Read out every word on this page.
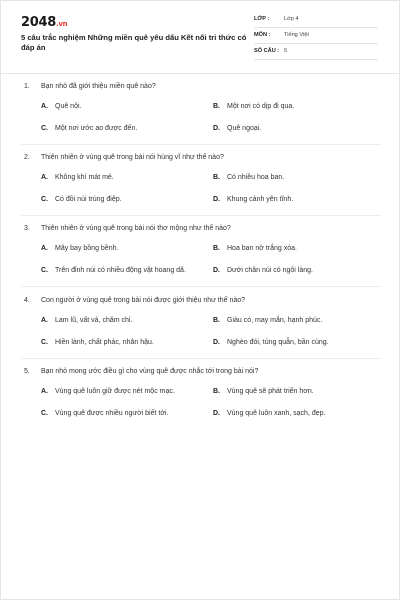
2048.vn
5 câu trắc nghiệm Những miền quê yêu dấu Kết nối tri thức có đáp án
LỚP :	Lớp 4
MÔN : Tiếng Việt
SỐ CÂU : 5
1. Bạn nhỏ đã giới thiệu miền quê nào?
A. Quê nội.	B. Một nơi có dịp đi qua.
C. Một nơi ước ao được đến.	D. Quê ngoại.
2. Thiên nhiên ở vùng quê trong bài nói hùng vĩ như thế nào?
A. Không khí mát mẻ.	B. Có nhiều hoa ban.
C. Có đồi núi trùng điệp.	D. Khung cảnh yên tĩnh.
3. Thiên nhiên ở vùng quê trong bài nói thơ mộng như thế nào?
A. Mây bay bồng bềnh.	B. Hoa ban nở trắng xóa.
C. Trên đỉnh núi có nhiều động vật hoang dã.	D. Dưới chân núi có ngôi làng.
4. Con người ở vùng quê trong bài nói được giới thiệu như thế nào?
A. Lam lũ, vất vả, chăm chỉ.	B. Giàu có, may mắn, hạnh phúc.
C. Hiền lành, chất phác, nhân hậu.	D. Nghèo đói, túng quẫn, bần cùng.
5. Bạn nhỏ mong ước điều gì cho vùng quê được nhắc tới trong bài nói?
A. Vùng quê luôn giữ được nét mộc mạc.	B. Vùng quê sẽ phát triển hơn.
C. Vùng quê được nhiều người biết tới.	D. Vùng quê luôn xanh, sạch, đẹp.
